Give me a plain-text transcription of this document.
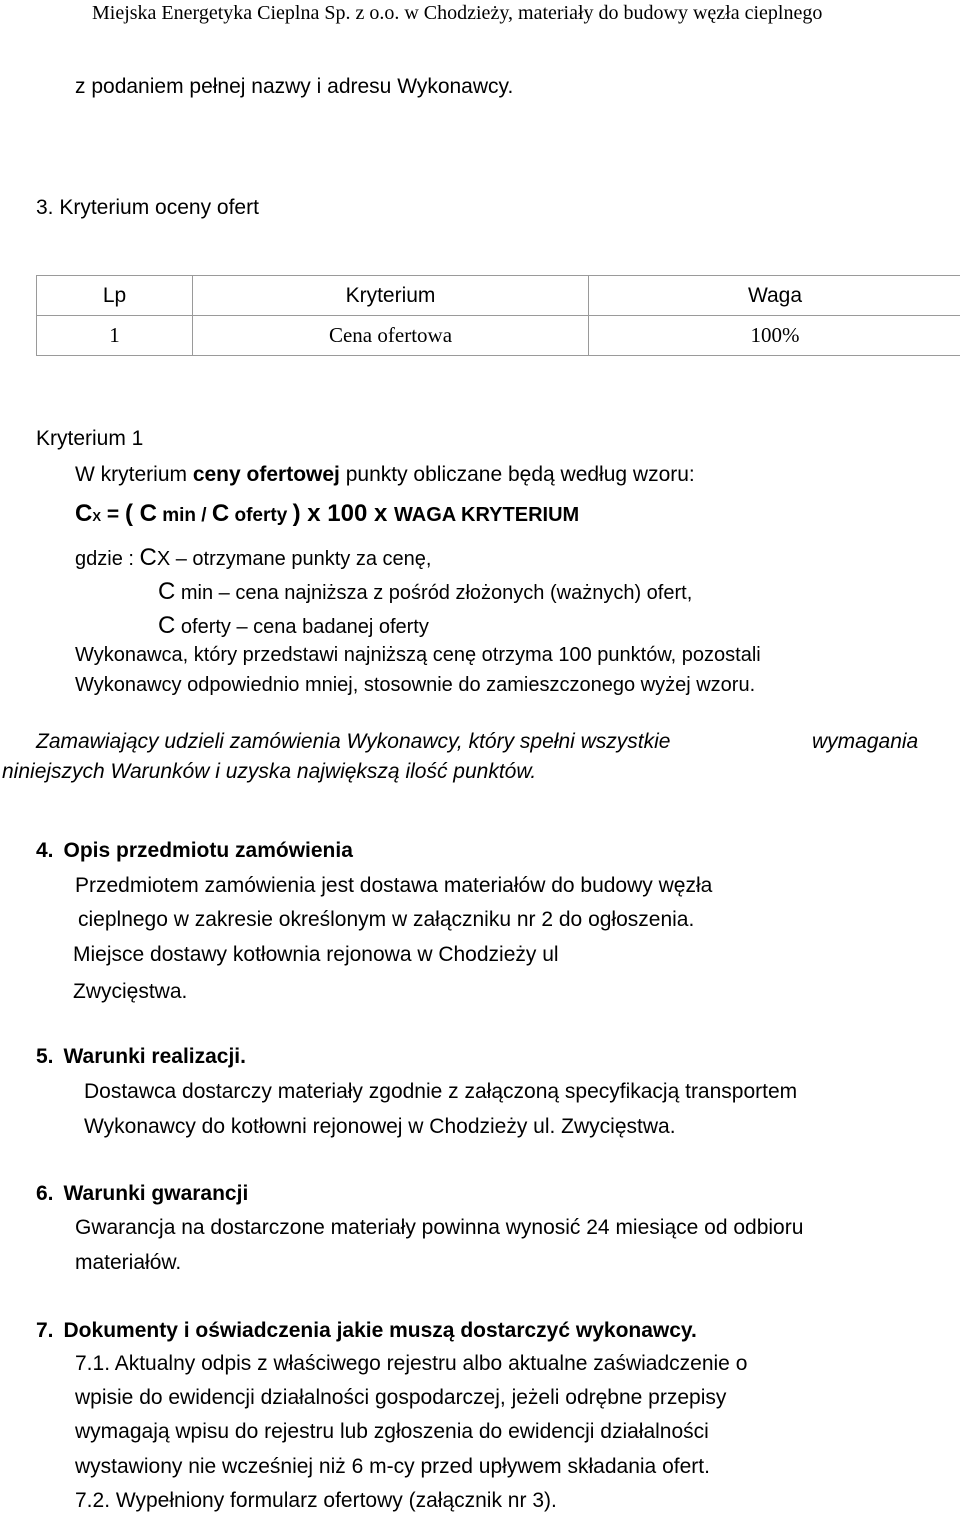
Miejska Energetyka Cieplna Sp. z o.o. w Chodzieży, materiały do budowy węzła cieplnego
z podaniem pełnej nazwy i adresu Wykonawcy.
3. Kryterium oceny ofert
Lp	Kryterium	Waga
1	Cena ofertowa	100%
Kryterium 1
W kryterium ceny ofertowej punkty obliczane będą według wzoru:
CX = ( C min / C oferty ) x 100 x WAGA KRYTERIUM
gdzie : CX – otrzymane punkty za cenę,
C min – cena najniższa z pośród złożonych (ważnych) ofert,
C oferty – cena badanej oferty
Wykonawca, który przedstawi najniższą cenę otrzyma 100 punktów, pozostali
Wykonawcy odpowiednio mniej, stosownie do zamieszczonego wyżej wzoru.
Zamawiający udzieli zamówienia Wykonawcy, który spełni wszystkie	wymagania
niniejszych Warunków i uzyska największą ilość punktów.
4. Opis przedmiotu zamówienia
Przedmiotem zamówienia jest dostawa materiałów do budowy węzła
cieplnego w zakresie określonym w załączniku nr 2 do ogłoszenia.
Miejsce dostawy kotłownia rejonowa w Chodzieży ul
Zwycięstwa.
5. Warunki realizacji.
Dostawca dostarczy materiały zgodnie z załączoną specyfikacją transportem
Wykonawcy do kotłowni rejonowej w Chodzieży ul. Zwycięstwa.
6. Warunki gwarancji
Gwarancja na dostarczone materiały powinna wynosić 24 miesiące od odbioru
materiałów.
7. Dokumenty i oświadczenia jakie muszą dostarczyć wykonawcy.
7.1. Aktualny odpis z właściwego rejestru albo aktualne zaświadczenie o
wpisie do ewidencji działalności gospodarczej, jeżeli odrębne przepisy
wymagają wpisu do rejestru lub zgłoszenia do ewidencji działalności
wystawiony nie wcześniej niż 6 m-cy przed upływem składania ofert.
7.2. Wypełniony formularz ofertowy (załącznik nr 3).
